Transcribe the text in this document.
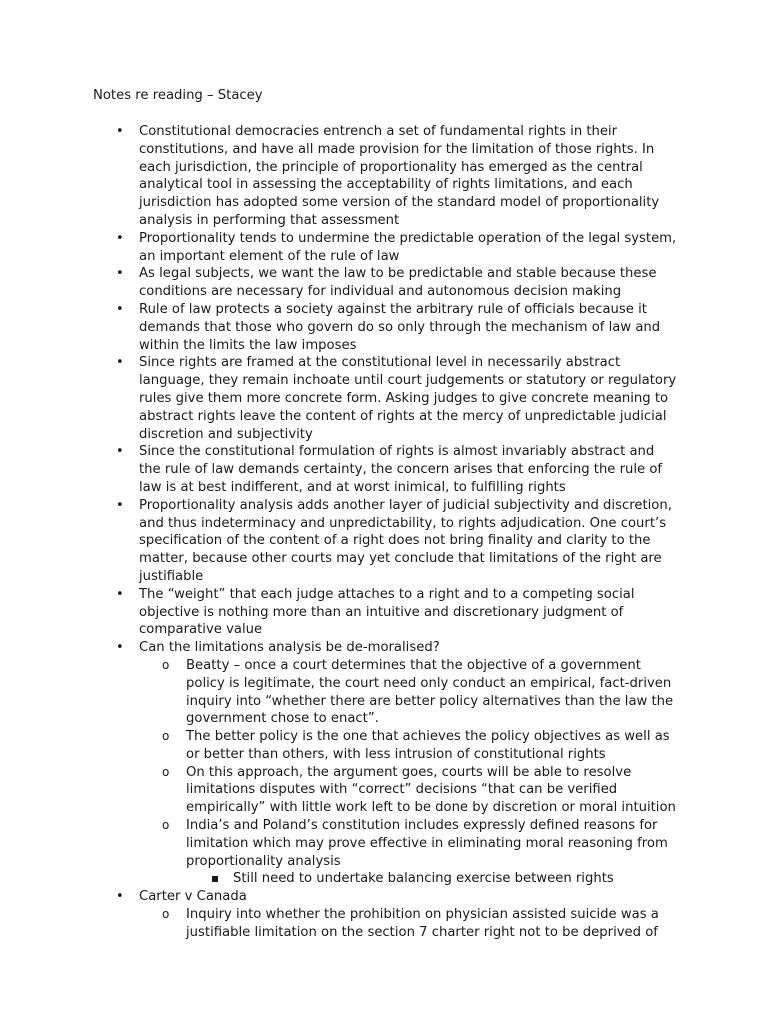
Notes re reading – Stacey
• Constitutional democracies entrench a set of fundamental rights in their constitutions, and have all made provision for the limitation of those rights. In each jurisdiction, the principle of proportionality has emerged as the central analytical tool in assessing the acceptability of rights limitations, and each jurisdiction has adopted some version of the standard model of proportionality analysis in performing that assessment
• Proportionality tends to undermine the predictable operation of the legal system, an important element of the rule of law
• As legal subjects, we want the law to be predictable and stable because these conditions are necessary for individual and autonomous decision making
• Rule of law protects a society against the arbitrary rule of officials because it demands that those who govern do so only through the mechanism of law and within the limits the law imposes
• Since rights are framed at the constitutional level in necessarily abstract language, they remain inchoate until court judgements or statutory or regulatory rules give them more concrete form. Asking judges to give concrete meaning to abstract rights leave the content of rights at the mercy of unpredictable judicial discretion and subjectivity
• Since the constitutional formulation of rights is almost invariably abstract and the rule of law demands certainty, the concern arises that enforcing the rule of law is at best indifferent, and at worst inimical, to fulfilling rights
• Proportionality analysis adds another layer of judicial subjectivity and discretion, and thus indeterminacy and unpredictability, to rights adjudication. One court’s specification of the content of a right does not bring finality and clarity to the matter, because other courts may yet conclude that limitations of the right are justifiable
• The “weight” that each judge attaches to a right and to a competing social objective is nothing more than an intuitive and discretionary judgment of comparative value
• Can the limitations analysis be de-moralised?
o Beatty – once a court determines that the objective of a government policy is legitimate, the court need only conduct an empirical, fact-driven inquiry into “whether there are better policy alternatives than the law the government chose to enact”.
o The better policy is the one that achieves the policy objectives as well as or better than others, with less intrusion of constitutional rights
o On this approach, the argument goes, courts will be able to resolve limitations disputes with “correct” decisions “that can be verified empirically” with little work left to be done by discretion or moral intuition
o India’s and Poland’s constitution includes expressly defined reasons for limitation which may prove effective in eliminating moral reasoning from proportionality analysis
Still need to undertake balancing exercise between rights
• Carter v Canada
o Inquiry into whether the prohibition on physician assisted suicide was a justifiable limitation on the section 7 charter right not to be deprived of
